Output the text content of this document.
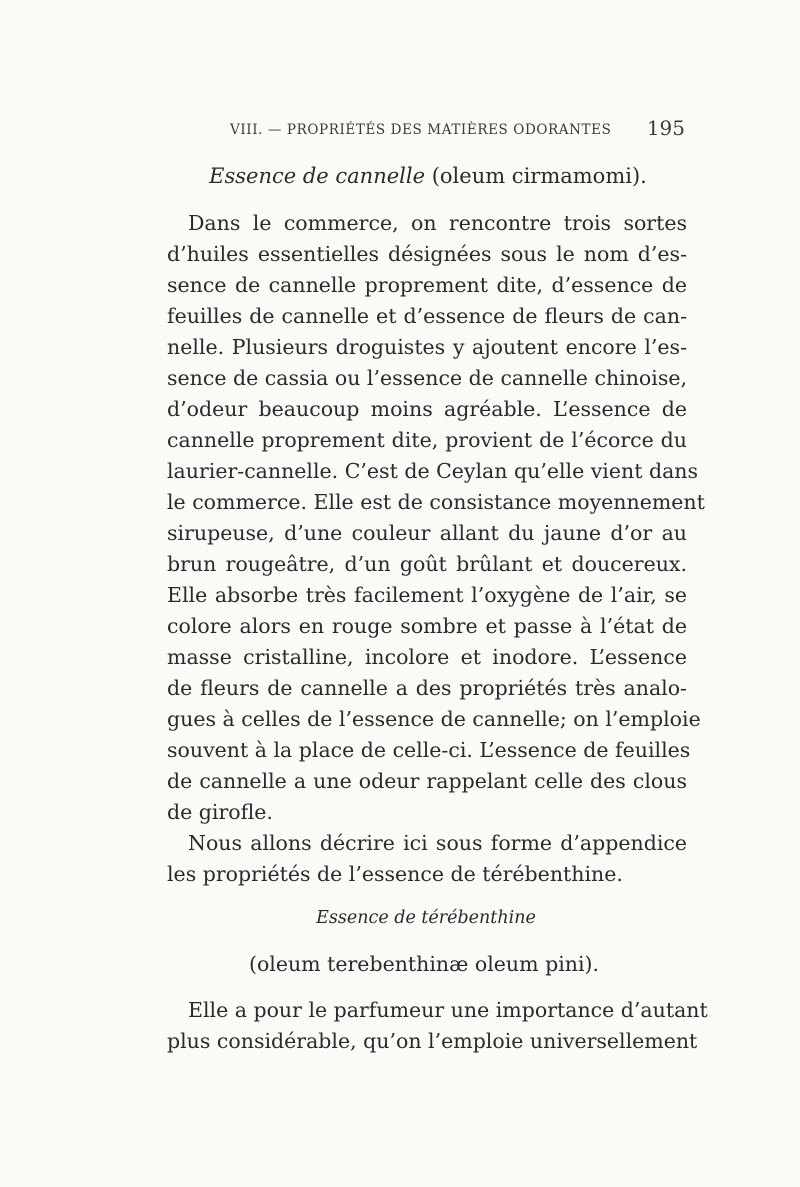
VIII. — PROPRIÉTÉS DES MATIÈRES ODORANTES 195
Essence de cannelle (oleum cirmamomi).
Dans le commerce, on rencontre trois sortes
d’huiles essentielles désignées sous le nom d’es-
sence de cannelle proprement dite, d’essence de
feuilles de cannelle et d’essence de fleurs de can-
nelle. Plusieurs droguistes y ajoutent encore l’es-
sence de cassia ou l’essence de cannelle chinoise,
d’odeur beaucoup moins agréable. L’essence de
cannelle proprement dite, provient de l’écorce du
laurier-cannelle. C’est de Ceylan qu’elle vient dans
le commerce. Elle est de consistance moyennement
sirupeuse, d’une couleur allant du jaune d’or au
brun rougeâtre, d’un goût brûlant et doucereux.
Elle absorbe très facilement l’oxygène de l’air, se
colore alors en rouge sombre et passe à l’état de
masse cristalline, incolore et inodore. L’essence
de fleurs de cannelle a des propriétés très analo-
gues à celles de l’essence de cannelle; on l’emploie
souvent à la place de celle-ci. L’essence de feuilles
de cannelle a une odeur rappelant celle des clous
de girofle.
Nous allons décrire ici sous forme d’appendice
les propriétés de l’essence de térébenthine.
Essence de térébenthine
(oleum terebenthinæ oleum pini).
Elle a pour le parfumeur une importance d’autant
plus considérable, qu’on l’emploie universellement
